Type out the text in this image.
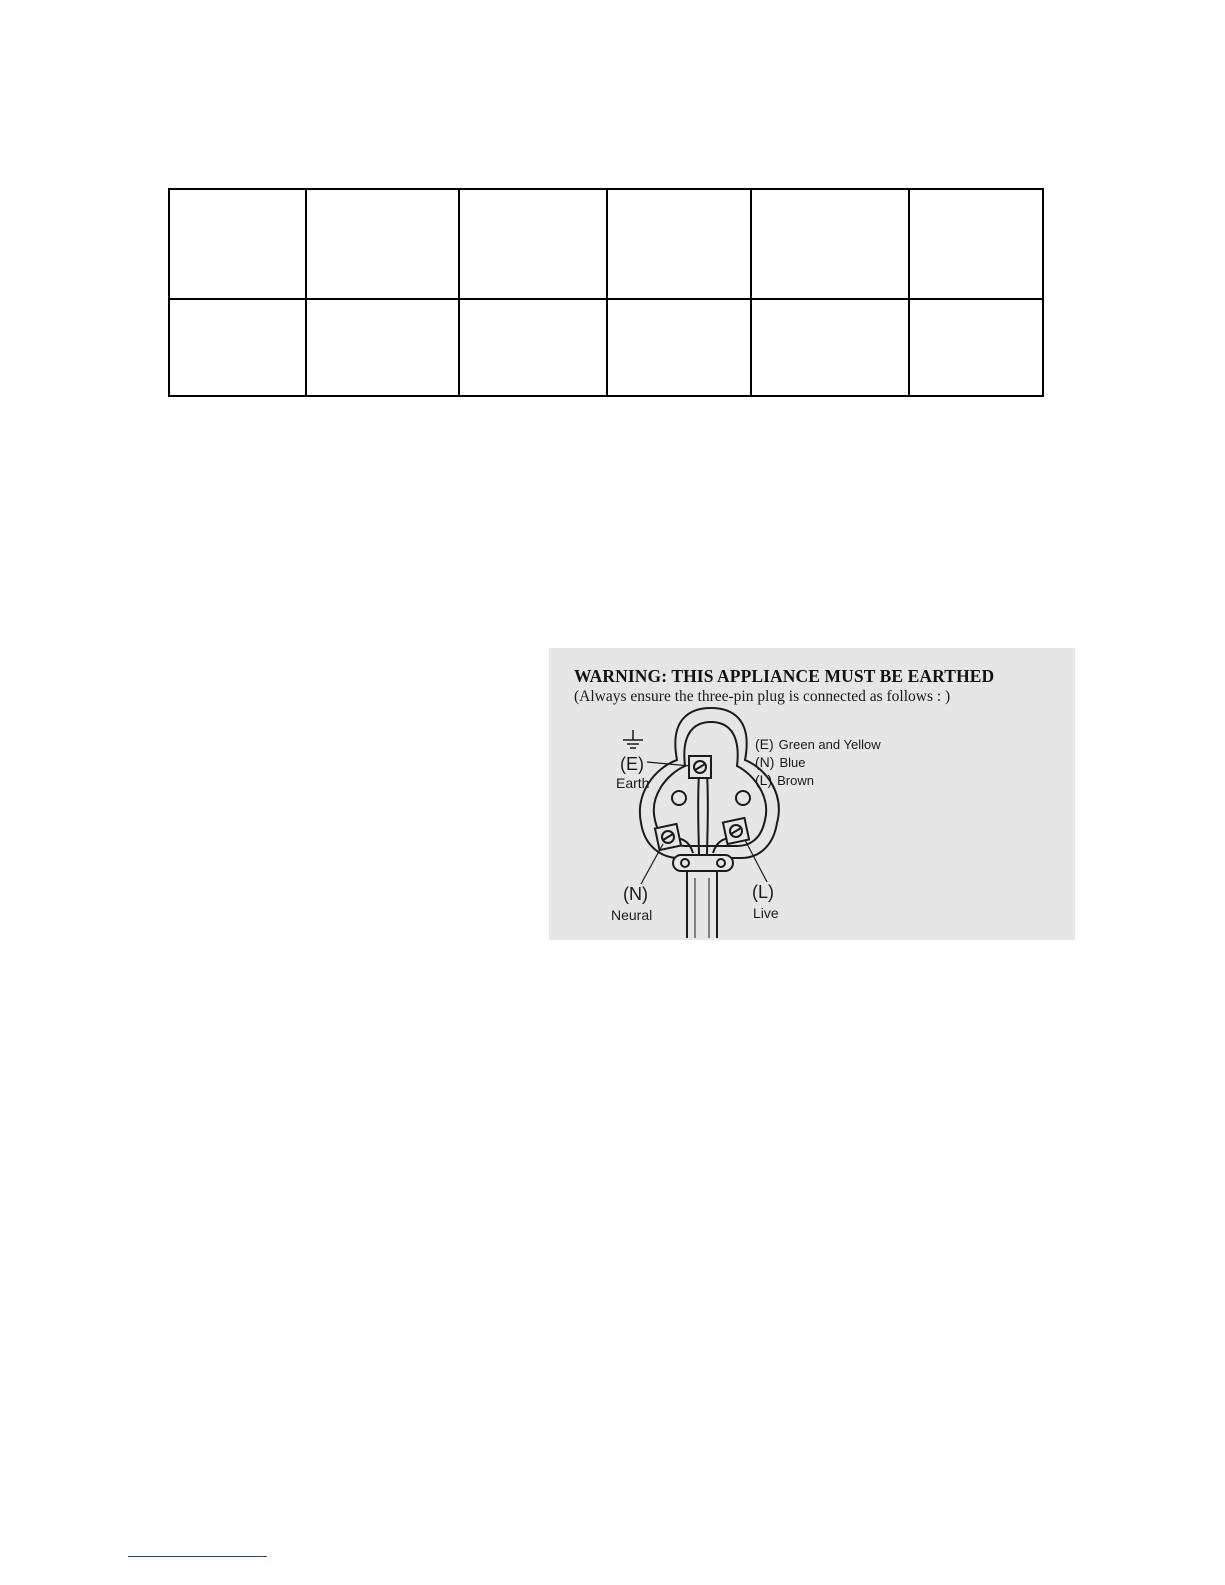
WARNING: THIS APPLIANCE MUST BE EARTHED
(Always ensure the three-pin plug is connected as follows : )
(E)
Earth
(N)
Neural
(L)
Live
(E) Green and Yellow
(N) Blue
(L) Brown
